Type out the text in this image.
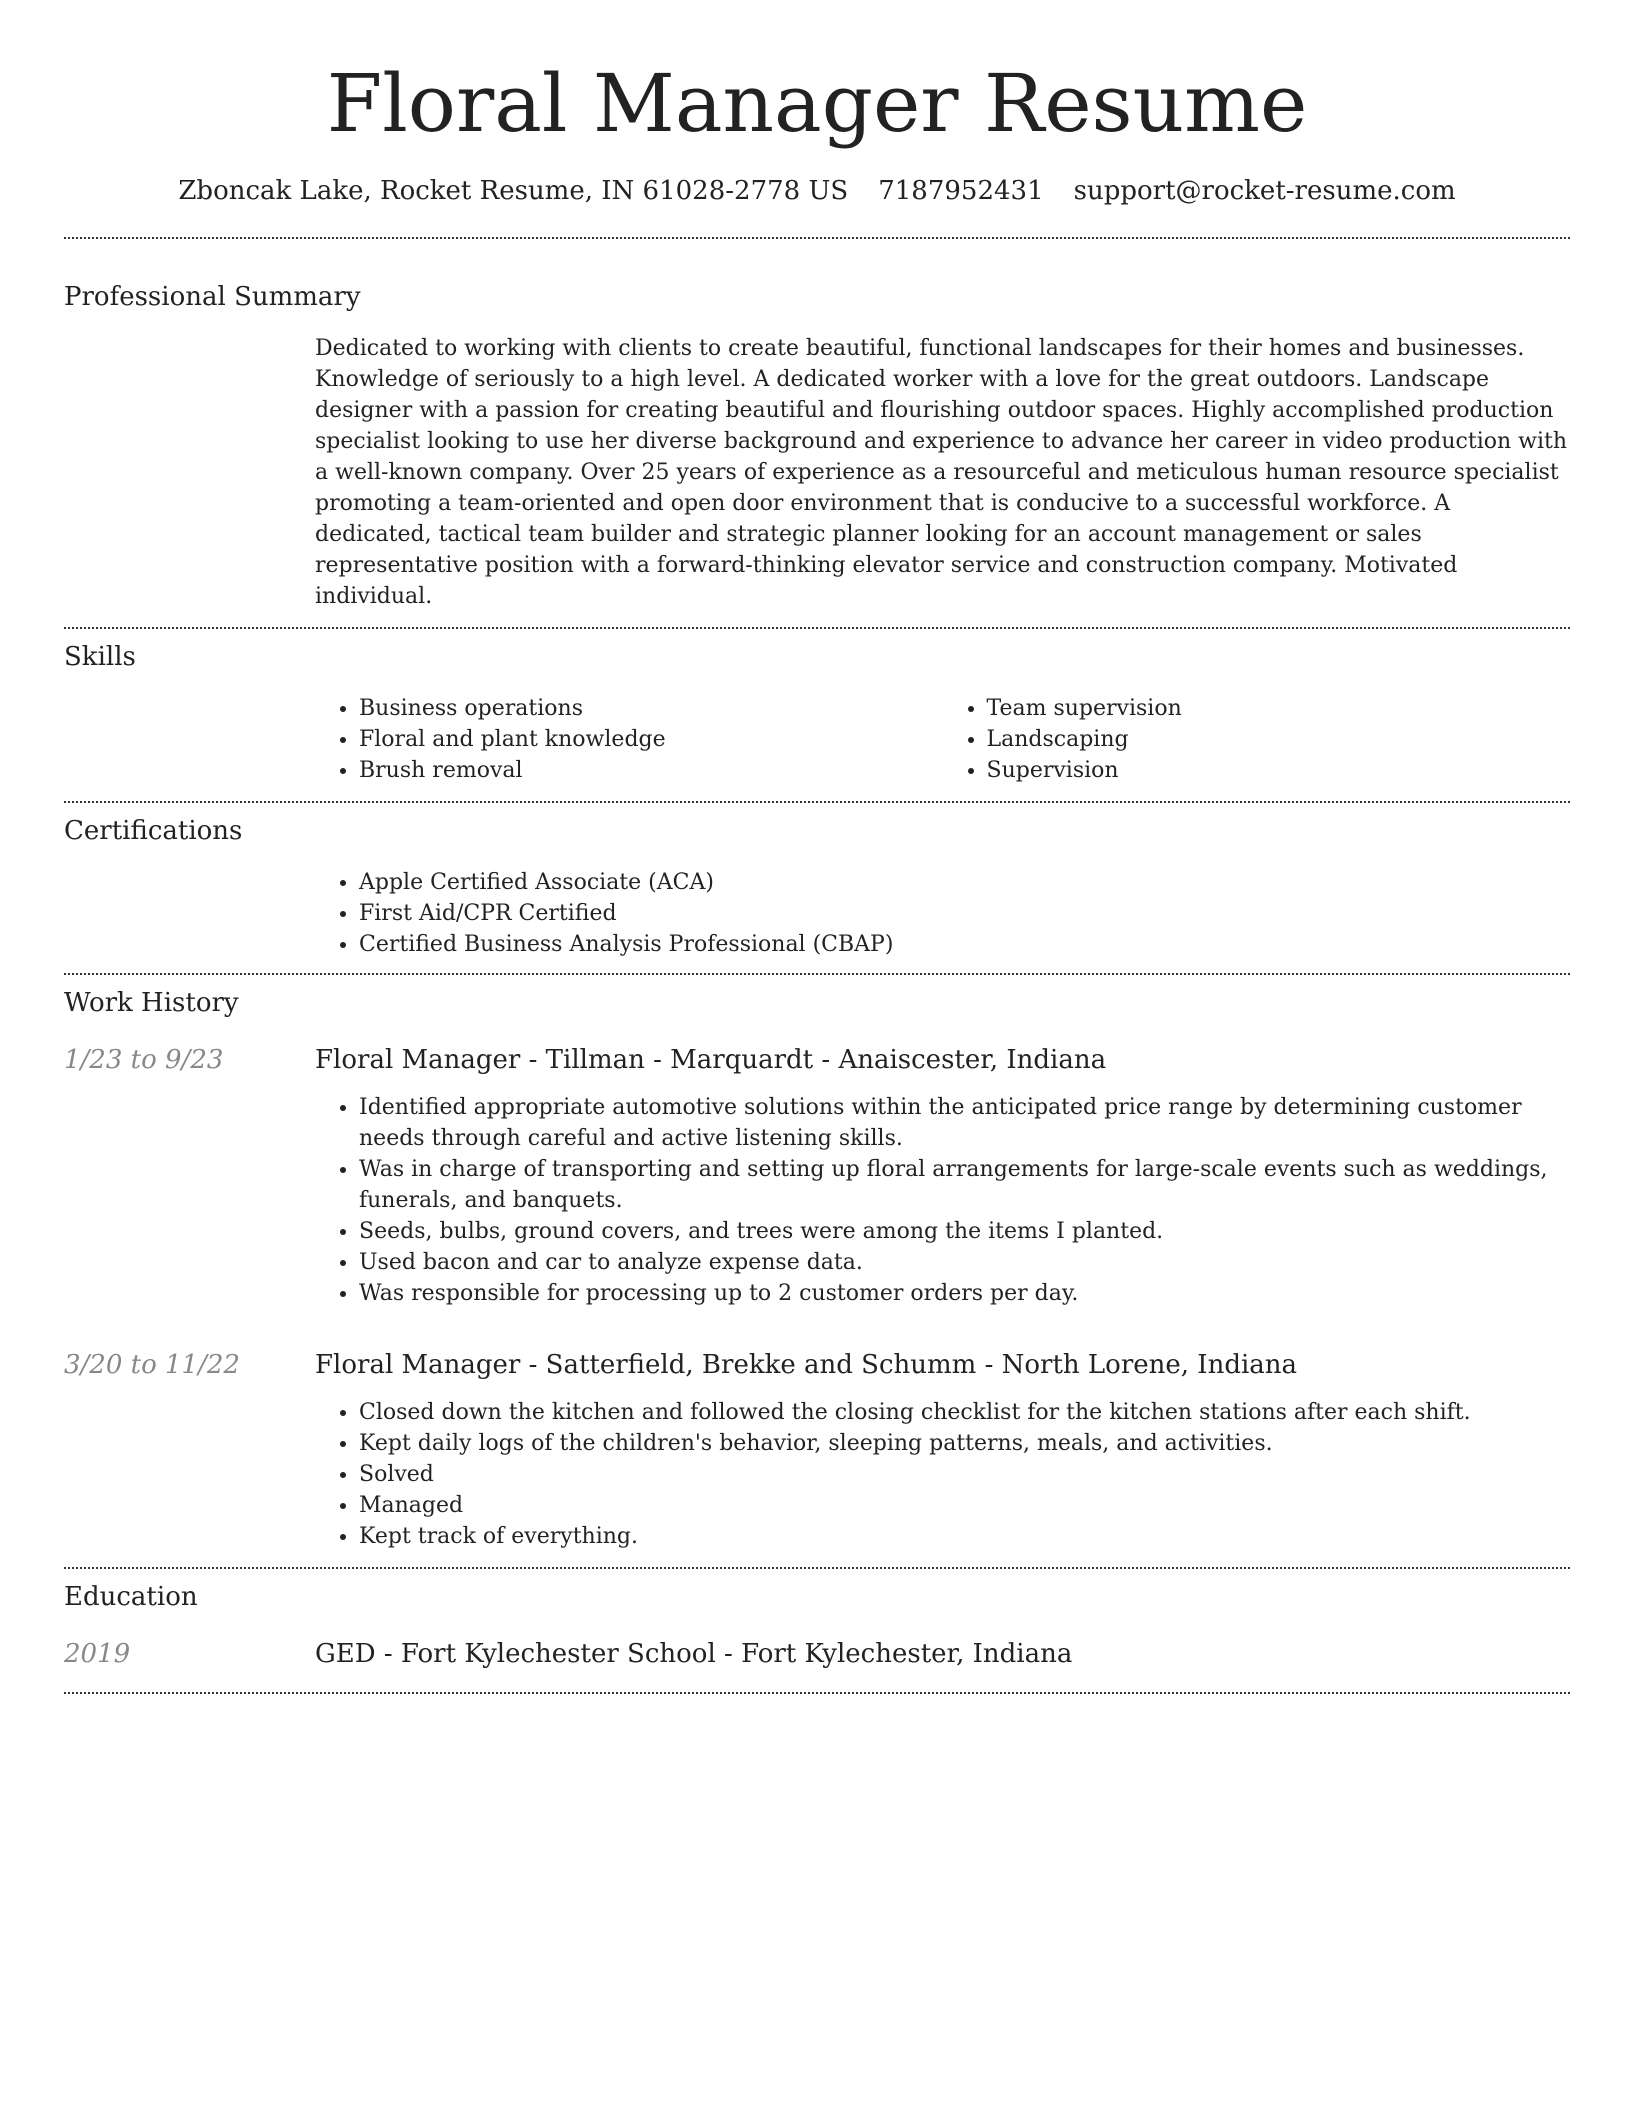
Floral Manager Resume
Zboncak Lake, Rocket Resume, IN 61028-2778 US 7187952431 support@rocket-resume.com
Professional Summary
Dedicated to working with clients to create beautiful, functional landscapes for their homes and businesses. Knowledge of seriously to a high level. A dedicated worker with a love for the great outdoors. Landscape designer with a passion for creating beautiful and flourishing outdoor spaces. Highly accomplished production specialist looking to use her diverse background and experience to advance her career in video production with a well-known company. Over 25 years of experience as a resourceful and meticulous human resource specialist promoting a team-oriented and open door environment that is conducive to a successful workforce. A dedicated, tactical team builder and strategic planner looking for an account management or sales representative position with a forward-thinking elevator service and construction company. Motivated individual.
Skills
• Business operations
• Floral and plant knowledge
• Brush removal
• Team supervision
• Landscaping
• Supervision
Certifications
• Apple Certified Associate (ACA)
• First Aid/CPR Certified
• Certified Business Analysis Professional (CBAP)
Work History
1/23 to 9/23	Floral Manager - Tillman - Marquardt - Anaiscester, Indiana
• Identified appropriate automotive solutions within the anticipated price range by determining customer needs through careful and active listening skills.
• Was in charge of transporting and setting up floral arrangements for large-scale events such as weddings, funerals, and banquets.
• Seeds, bulbs, ground covers, and trees were among the items I planted.
• Used bacon and car to analyze expense data.
• Was responsible for processing up to 2 customer orders per day.
3/20 to 11/22	Floral Manager - Satterfield, Brekke and Schumm - North Lorene, Indiana
• Closed down the kitchen and followed the closing checklist for the kitchen stations after each shift.
• Kept daily logs of the children's behavior, sleeping patterns, meals, and activities.
• Solved
• Managed
• Kept track of everything.
Education
2019	GED - Fort Kylechester School - Fort Kylechester, Indiana
